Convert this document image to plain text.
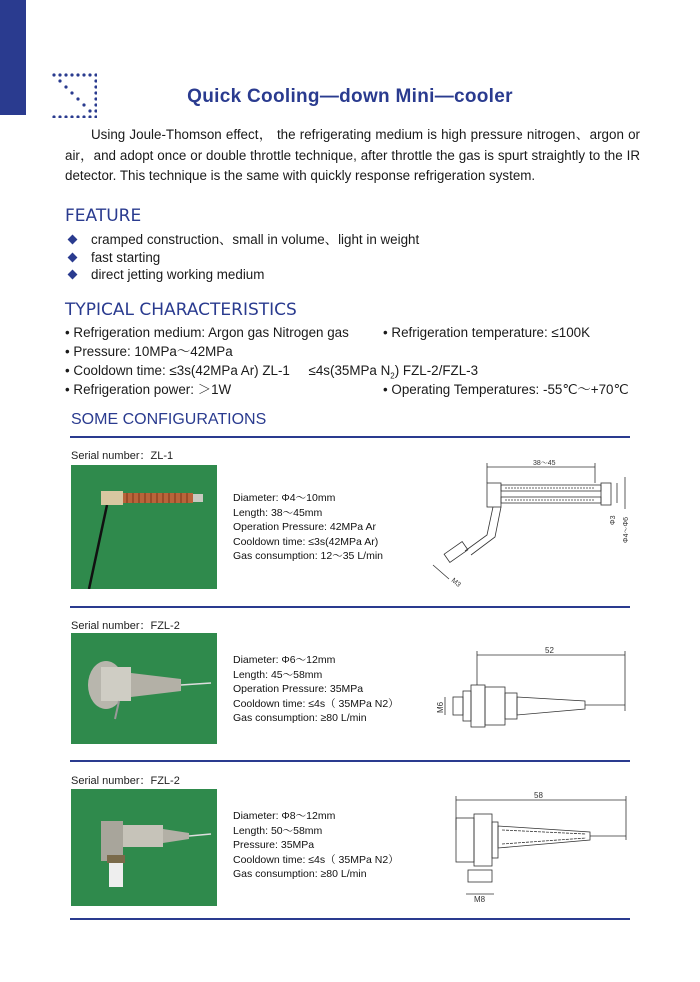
Quick Cooling—down Mini—cooler

Using Joule-Thomson effect， the refrigerating medium is high pressure nitrogen、argon or air，and adopt once or double throttle technique, after throttle the gas is spurt straightly to the IR detector. This technique is the same with quickly response refrigeration system.

FEATURE
cramped construction、small in volume、light in weight
fast starting
direct jetting working medium
TYPICAL CHARACTERISTICS
• Refrigeration medium: Argon gas Nitrogen gas	• Refrigeration temperature: ≤100K
• Pressure: 10MPa～42MPa
• Cooldown time: ≤3s(42MPa Ar) ZL-1 ≤4s(35MPa $N_2$) FZL-2/FZL-3
• Refrigeration power: ＞1W	• Operating Temperatures: -55℃～+70℃
SOME CONFIGURATIONS
Serial number：ZL-1
Diameter: Φ4～10mm
Length: 38～45mm
Operation Pressure: 42MPa Ar
Cooldown time: ≤3s(42MPa Ar)
Gas consumption: 12～35 L/min
38～45
Φ3 Φ4～Φ6
M3
Serial number：FZL-2
Diameter: Φ6～12mm
Length: 45～58mm
Operation Pressure: 35MPa
Cooldown time: ≤4s（ 35MPa N2）
Gas consumption: ≥80 L/min
52
M6
Serial number：FZL-2
Diameter: Φ8～12mm
Length: 50～58mm
Pressure: 35MPa
Cooldown time: ≤4s（ 35MPa N2）
Gas consumption: ≥80 L/min
58
M8
